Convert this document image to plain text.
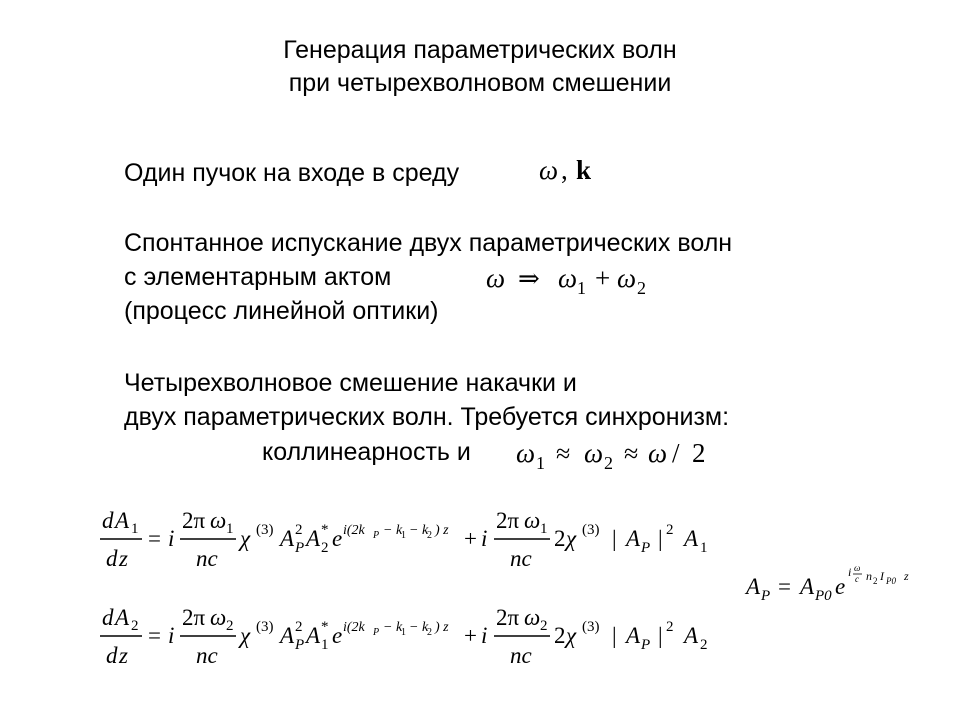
Генерация параметрических волн
при четырехволновом смешении
Один пучок на входе в среду	ω , k
Спонтанное испускание двух параметрических волн
с элементарным актом
(процесс линейной оптики)
ω ⇒ ω 1 + ω 2
Четырехволновое смешение накачки и
двух параметрических волн. Требуется синхронизм:
коллинеарность и ω 1 ≈ ω 2 ≈ ω / 2
d A 1
d z
= i
2π ω 1
nc
χ (3) A 2
P A *
2 e i(2k P − k
1 − k
2 ) z + i
2π ω 1
nc
2 χ (3) | A P | 2 A 1
d A 2
d z
= i
2π ω 2
nc
χ (3) A 2
P A *
1 e i(2k P − k
1 − k
2 ) z + i
2π ω 2
nc
2 χ (3) | A P | 2 A 2
A P = A P0 e
i ω
c n 2 I P0 z
